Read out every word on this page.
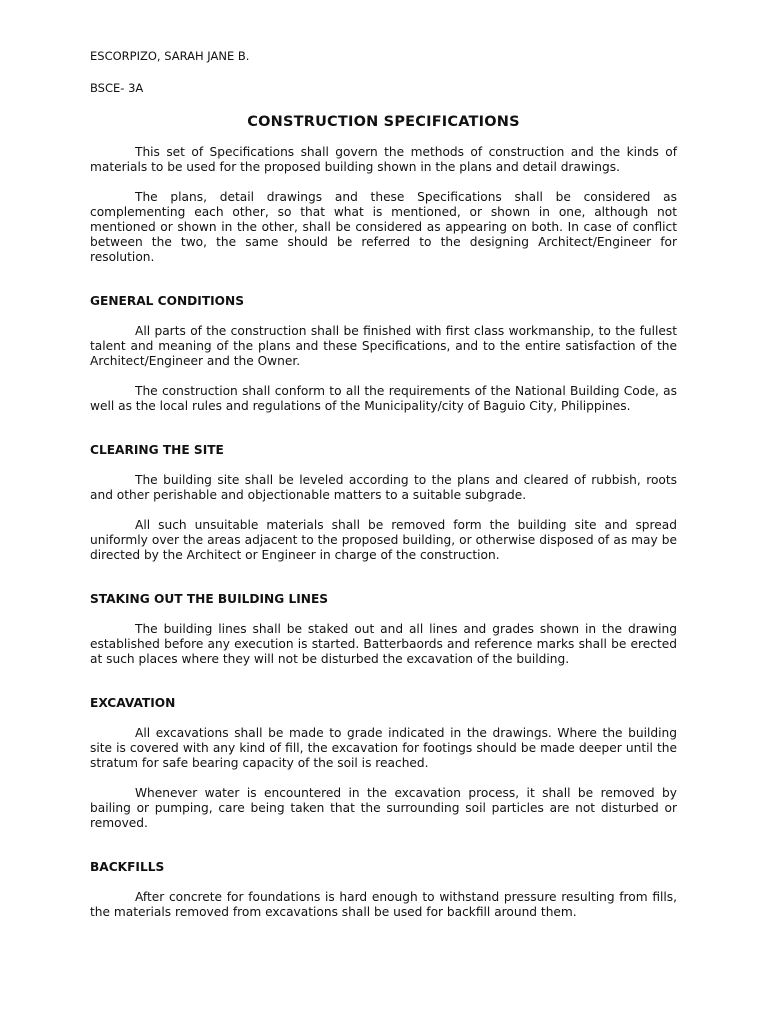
ESCORPIZO, SARAH JANE B.
BSCE- 3A
CONSTRUCTION SPECIFICATIONS

This set of Specifications shall govern the methods of construction and the kinds of materials to be used for the proposed building shown in the plans and detail drawings.

The plans, detail drawings and these Specifications shall be considered as complementing each other, so that what is mentioned, or shown in one, although not mentioned or shown in the other, shall be considered as appearing on both. In case of conflict between the two, the same should be referred to the designing Architect/Engineer for resolution.

GENERAL CONDITIONS

All parts of the construction shall be finished with first class workmanship, to the fullest talent and meaning of the plans and these Specifications, and to the entire satisfaction of the Architect/Engineer and the Owner.

The construction shall conform to all the requirements of the National Building Code, as well as the local rules and regulations of the Municipality/city of Baguio City, Philippines.

CLEARING THE SITE

The building site shall be leveled according to the plans and cleared of rubbish, roots and other perishable and objectionable matters to a suitable subgrade.

All such unsuitable materials shall be removed form the building site and spread uniformly over the areas adjacent to the proposed building, or otherwise disposed of as may be directed by the Architect or Engineer in charge of the construction.

STAKING OUT THE BUILDING LINES

The building lines shall be staked out and all lines and grades shown in the drawing established before any execution is started. Batterbaords and reference marks shall be erected at such places where they will not be disturbed the excavation of the building.

EXCAVATION

All excavations shall be made to grade indicated in the drawings. Where the building site is covered with any kind of fill, the excavation for footings should be made deeper until the stratum for safe bearing capacity of the soil is reached.

Whenever water is encountered in the excavation process, it shall be removed by bailing or pumping, care being taken that the surrounding soil particles are not disturbed or removed.

BACKFILLS

After concrete for foundations is hard enough to withstand pressure resulting from fills, the materials removed from excavations shall be used for backfill around them.
